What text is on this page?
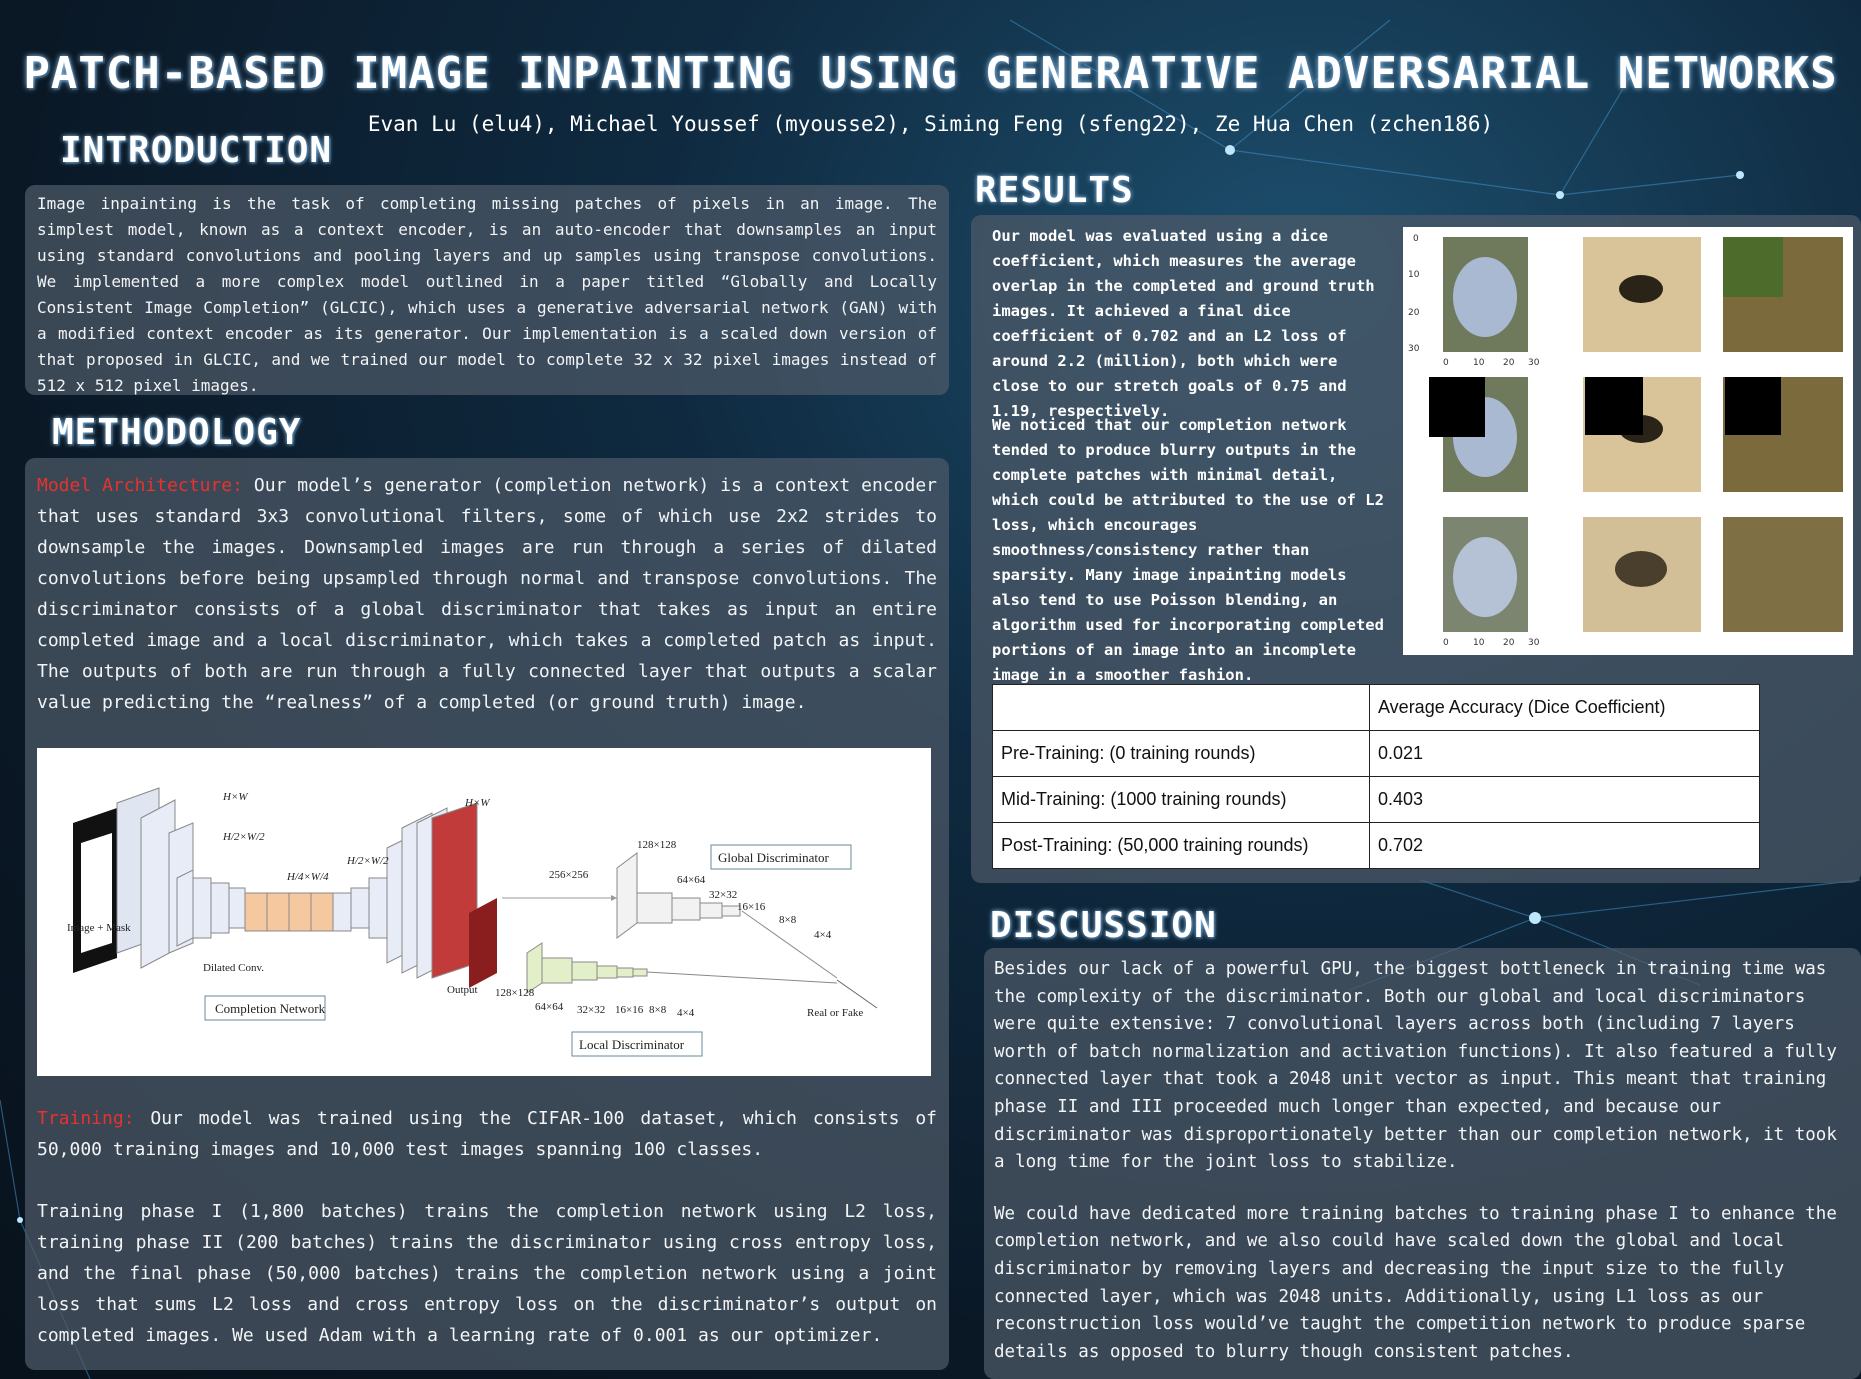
PATCH-BASED IMAGE INPAINTING USING GENERATIVE ADVERSARIAL NETWORKS
Evan Lu (elu4), Michael Youssef (myousse2), Siming Feng (sfeng22), Ze Hua Chen (zchen186)
INTRODUCTION
Image inpainting is the task of completing missing patches of pixels in an image. The simplest model, known as a context encoder, is an auto-encoder that downsamples an input using standard convolutions and pooling layers and up samples using transpose convolutions. We implemented a more complex model outlined in a paper titled “Globally and Locally Consistent Image Completion” (GLCIC), which uses a generative adversarial network (GAN) with a modified context encoder as its generator. Our implementation is a scaled down version of that proposed in GLCIC, and we trained our model to complete 32 x 32 pixel images instead of 512 x 512 pixel images.
METHODOLOGY
Model Architecture: Our model’s generator (completion network) is a context encoder that uses standard 3x3 convolutional filters, some of which use 2x2 strides to downsample the images. Downsampled images are run through a series of dilated convolutions before being upsampled through normal and transpose convolutions. The discriminator consists of a global discriminator that takes as input an entire completed image and a local discriminator, which takes a completed patch as input. The outputs of both are run through a fully connected layer that outputs a scalar value predicting the “realness” of a completed (or ground truth) image.
H×W
H/2×W/2
H/4×W/4
H/2×W/2
H×W
Image + Mask
Dilated Conv.
Output
Real or Fake
256×256
128×128
64×64
32×32
16×16
8×8
4×4
128×128
64×64 32×32 16×16 8×8 4×4
Completion Network
Global Discriminator
Local Discriminator
Training: Our model was trained using the CIFAR-100 dataset, which consists of 50,000 training images and 10,000 test images spanning 100 classes.
Training phase I (1,800 batches) trains the completion network using L2 loss, training phase II (200 batches) trains the discriminator using cross entropy loss, and the final phase (50,000 batches) trains the completion network using a joint loss that sums L2 loss and cross entropy loss on the discriminator’s output on completed images. We used Adam with a learning rate of 0.001 as our optimizer.
RESULTS
Our model was evaluated using a dice coefficient, which measures the average overlap in the completed and ground truth images. It achieved a final dice coefficient of 0.702 and an L2 loss of around 2.2 (million), both which were close to our stretch goals of 0.75 and 1.19, respectively.
We noticed that our completion network tended to produce blurry outputs in the complete patches with minimal detail, which could be attributed to the use of L2 loss, which encourages smoothness/consistency rather than sparsity. Many image inpainting models also tend to use Poisson blending, an algorithm used for incorporating completed portions of an image into an incomplete image in a smoother fashion.
0
10
20
30
0	10 20 30
0	10 20 30
	Average Accuracy (Dice Coefficient)
Pre-Training: (0 training rounds)	0.021
Mid-Training: (1000 training rounds)	0.403
Post-Training: (50,000 training rounds)	0.702
DISCUSSION
Besides our lack of a powerful GPU, the biggest bottleneck in training time was the complexity of the discriminator. Both our global and local discriminators were quite extensive: 7 convolutional layers across both (including 7 layers worth of batch normalization and activation functions). It also featured a fully connected layer that took a 2048 unit vector as input. This meant that training phase II and III proceeded much longer than expected, and because our discriminator was disproportionately better than our completion network, it took a long time for the joint loss to stabilize.
We could have dedicated more training batches to training phase I to enhance the completion network, and we also could have scaled down the global and local discriminator by removing layers and decreasing the input size to the fully connected layer, which was 2048 units. Additionally, using L1 loss as our reconstruction loss would’ve taught the competition network to produce sparse details as opposed to blurry though consistent patches.
